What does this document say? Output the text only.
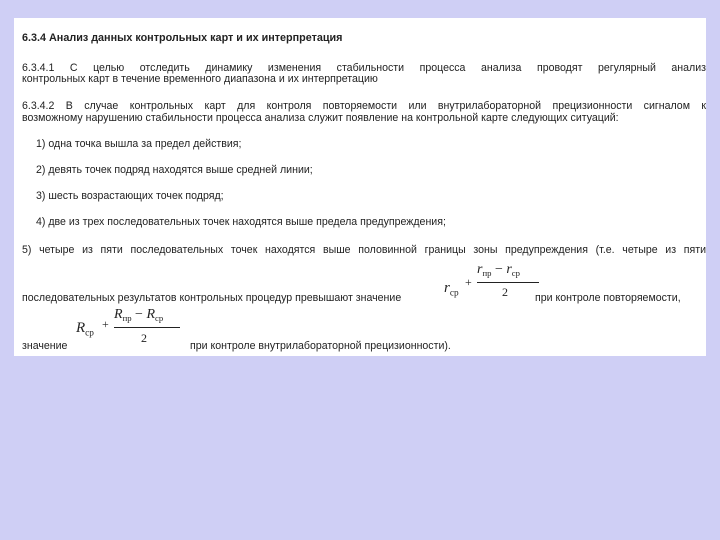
6.3.4 Анализ данных контрольных карт и их интерпретация
6.3.4.1 С целью отследить динамику изменения стабильности процесса анализа проводят регулярный анализ
контрольных карт в течение временного диапазона и их интерпретацию
6.3.4.2 В случае контрольных карт для контроля повторяемости или внутрилабораторной прецизионности сигналом к
возможному нарушению стабильности процесса анализа служит появление на контрольной карте следующих ситуаций:
1) одна точка вышла за предел действия;
2) девять точек подряд находятся выше средней линии;
3) шесть возрастающих точек подряд;
4) две из трех последовательных точек находятся выше предела предупреждения;
5) четыре из пяти последовательных точек находятся выше половинной границы зоны предупреждения (т.е. четыре из пяти
последовательных результатов контрольных процедур превышают значение
$r_{ср}$
+
$r_{пр} - r_{ср}$
2	при контроле повторяемости,
значение
$R_{ср}$
+
$R_{пр} - R_{ср}$
2
при контроле внутрилабораторной прецизионности).
